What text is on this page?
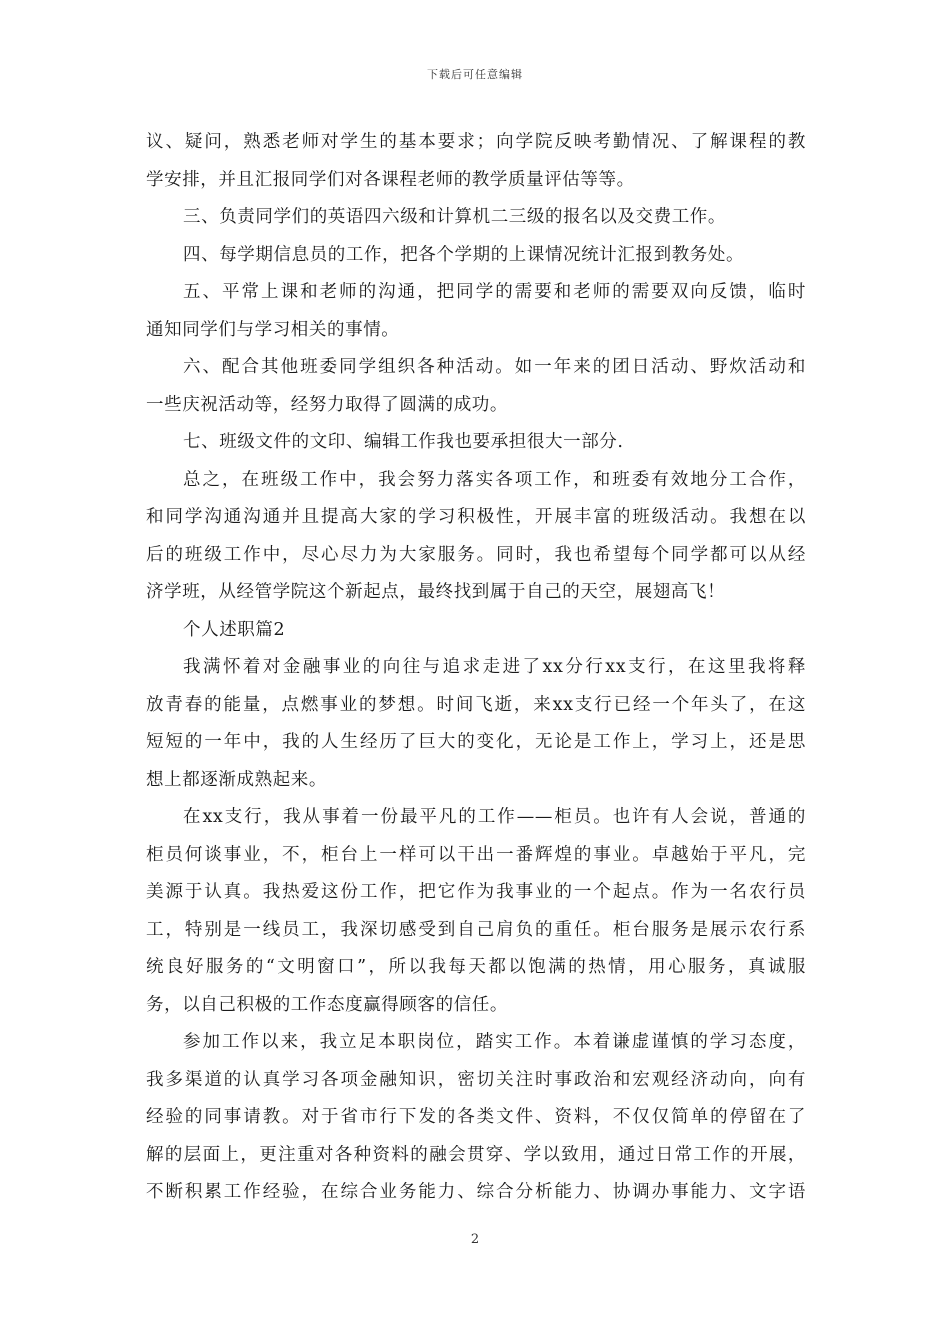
下载后可任意编辑
议、疑问，熟悉老师对学生的基本要求；向学院反映考勤情况、了解课程的教
学安排，并且汇报同学们对各课程老师的教学质量评估等等。
三、负责同学们的英语四六级和计算机二三级的报名以及交费工作。
四、每学期信息员的工作，把各个学期的上课情况统计汇报到教务处。
五、平常上课和老师的沟通，把同学的需要和老师的需要双向反馈，临时
通知同学们与学习相关的事情。
六、配合其他班委同学组织各种活动。如一年来的团日活动、野炊活动和
一些庆祝活动等，经努力取得了圆满的成功。
七、班级文件的文印、编辑工作我也要承担很大一部分.
总之，在班级工作中，我会努力落实各项工作，和班委有效地分工合作，
和同学沟通沟通并且提高大家的学习积极性，开展丰富的班级活动。我想在以
后的班级工作中，尽心尽力为大家服务。同时，我也希望每个同学都可以从经
济学班，从经管学院这个新起点，最终找到属于自己的天空，展翅高飞！
个人述职篇2
我满怀着对金融事业的向往与追求走进了xx分行xx支行，在这里我将释
放青春的能量，点燃事业的梦想。时间飞逝，来xx支行已经一个年头了，在这
短短的一年中，我的人生经历了巨大的变化，无论是工作上，学习上，还是思
想上都逐渐成熟起来。
在xx支行，我从事着一份最平凡的工作——柜员。也许有人会说，普通的
柜员何谈事业，不，柜台上一样可以干出一番辉煌的事业。卓越始于平凡，完
美源于认真。我热爱这份工作，把它作为我事业的一个起点。作为一名农行员
工，特别是一线员工，我深切感受到自己肩负的重任。柜台服务是展示农行系
统良好服务的“文明窗口”，所以我每天都以饱满的热情，用心服务，真诚服
务，以自己积极的工作态度赢得顾客的信任。
参加工作以来，我立足本职岗位，踏实工作。本着谦虚谨慎的学习态度，
我多渠道的认真学习各项金融知识，密切关注时事政治和宏观经济动向，向有
经验的同事请教。对于省市行下发的各类文件、资料，不仅仅简单的停留在了
解的层面上，更注重对各种资料的融会贯穿、学以致用，通过日常工作的开展，
不断积累工作经验，在综合业务能力、综合分析能力、协调办事能力、文字语
2
